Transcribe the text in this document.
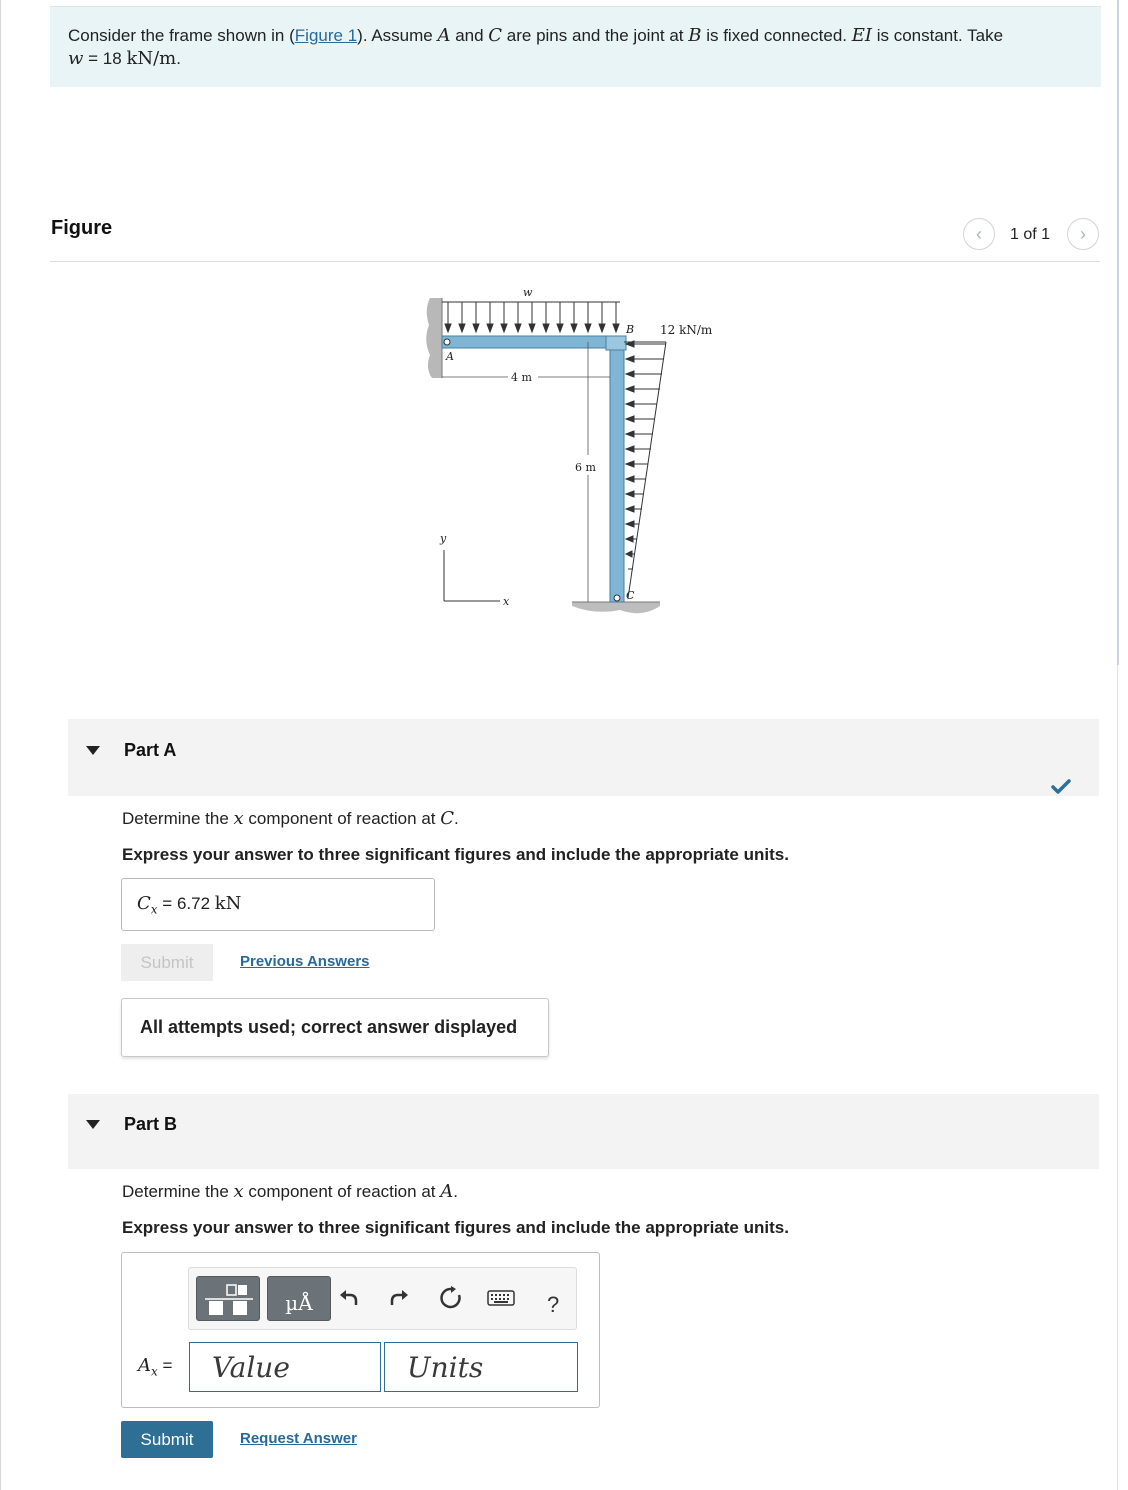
Consider the frame shown in (Figure 1). Assume A and C are pins and the joint at B is fixed connected. EI is constant. Take
w = 18 kN/m.
Figure	‹	1 of 1	›
w
B 12 kN/m
A
4 m
6 m
y
x	C
Part A
Determine the x component of reaction at C.
Express your answer to three significant figures and include the appropriate units.
$C_x = 6.72$ kN
Submit	Previous Answers
All attempts used; correct answer displayed
Part B
Determine the x component of reaction at A.
Express your answer to three significant figures and include the appropriate units.
µÅ	?
$A_x$ =	Value	Units
Submit	Request Answer
